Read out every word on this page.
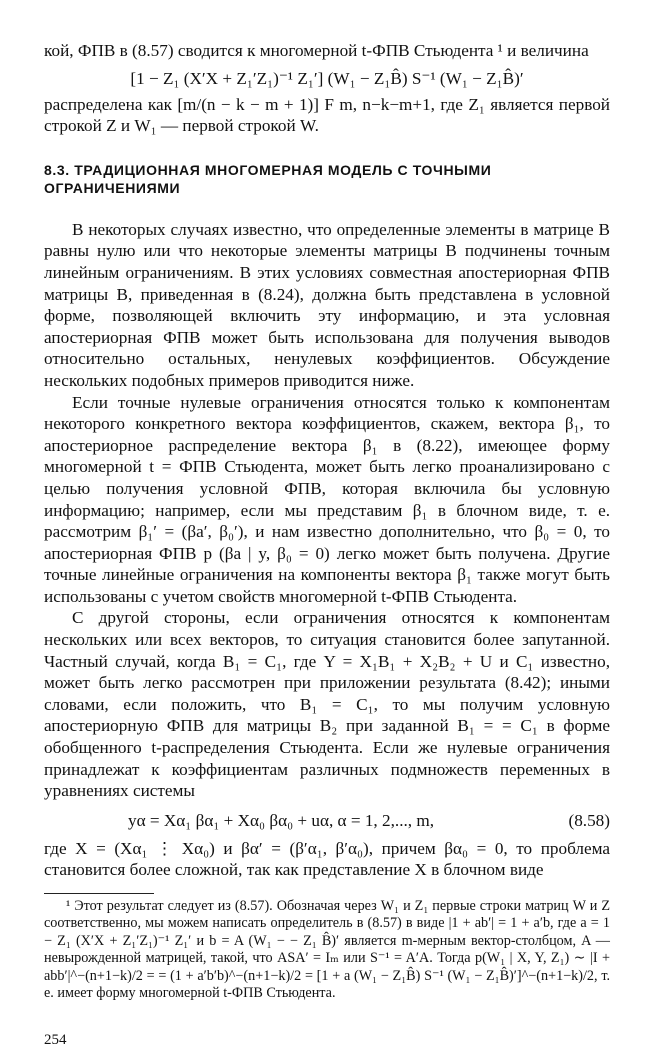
кой, ФПВ в (8.57) сводится к многомерной t-ФПВ Стьюдента ¹ и величина

[1 − Z₁ (X′X + Z₁′Z₁)⁻¹ Z₁′] (W₁ − Z₁B̂) S⁻¹ (W₁ − Z₁B̂)′

распределена как [m/(n − k − m + 1)] F m, n−k−m+1, где Z₁ является первой строкой Z и W₁ — первой строкой W.

8.3. ТРАДИЦИОННАЯ МНОГОМЕРНАЯ МОДЕЛЬ С ТОЧНЫМИ ОГРАНИЧЕНИЯМИ

В некоторых случаях известно, что определенные элементы в матрице B равны нулю или что некоторые элементы матрицы B подчинены точным линейным ограничениям. В этих условиях совместная апостериорная ФПВ матрицы B, приведенная в (8.24), должна быть представлена в условной форме, позволяющей включить эту информацию, и эта условная апостериорная ФПВ может быть использована для получения выводов относительно остальных, ненулевых коэффициентов. Обсуждение нескольких подобных примеров приводится ниже.

Если точные нулевые ограничения относятся только к компонентам некоторого конкретного вектора коэффициентов, скажем, вектора β₁, то апостериорное распределение вектора β₁ в (8.22), имеющее форму многомерной t = ФПВ Стьюдента, может быть легко проанализировано с целью получения условной ФПВ, которая включила бы условную информацию; например, если мы представим β₁ в блочном виде, т. е. рассмотрим β₁′ = (βa′, β₀′), и нам известно дополнительно, что β₀ = 0, то апостериорная ФПВ p (βa | y, β₀ = 0) легко может быть получена. Другие точные линейные ограничения на компоненты вектора β₁ также могут быть использованы с учетом свойств многомерной t-ФПВ Стьюдента.

С другой стороны, если ограничения относятся к компонентам нескольких или всех векторов, то ситуация становится более запутанной. Частный случай, когда B₁ = C₁, где Y = X₁B₁ + X₂B₂ + U и C₁ известно, может быть легко рассмотрен при приложении результата (8.42); иными словами, если положить, что B₁ = C₁, то мы получим условную апостериорную ФПВ для матрицы B₂ при заданной B₁ = = C₁ в форме обобщенного t-распределения Стьюдента. Если же нулевые ограничения принадлежат к коэффициентам различных подмножеств переменных в уравнениях системы

yα = Xα₁ βα₁ + Xα₀ βα₀ + uα, α = 1, 2,..., m,	(8.58)

где X = (Xα₁ ⋮ Xα₀) и βα′ = (β′α₁, β′α₀), причем βα₀ = 0, то проблема становится более сложной, так как представление X в блочном виде

¹ Этот результат следует из (8.57). Обозначая через W₁ и Z₁ первые строки матриц W и Z соответственно, мы можем написать определитель в (8.57) в виде |1 + ab′| = 1 + a′b, где a = 1 − Z₁ (X′X + Z₁′Z₁)⁻¹ Z₁′ и b = A (W₁ − − Z₁ B̂)′ является m-мерным вектор-столбцом, A — невырожденной матрицей, такой, что ASA′ = Iₘ или S⁻¹ = A′A. Тогда p(W₁ | X, Y, Z₁) ∼ |I + abb′|^−(n+1−k)/2 = = (1 + a′b′b)^−(n+1−k)/2 = [1 + a (W₁ − Z₁B̂) S⁻¹ (W₁ − Z₁B̂)′]^−(n+1−k)/2, т. е. имеет форму многомерной t-ФПВ Стьюдента.

254
